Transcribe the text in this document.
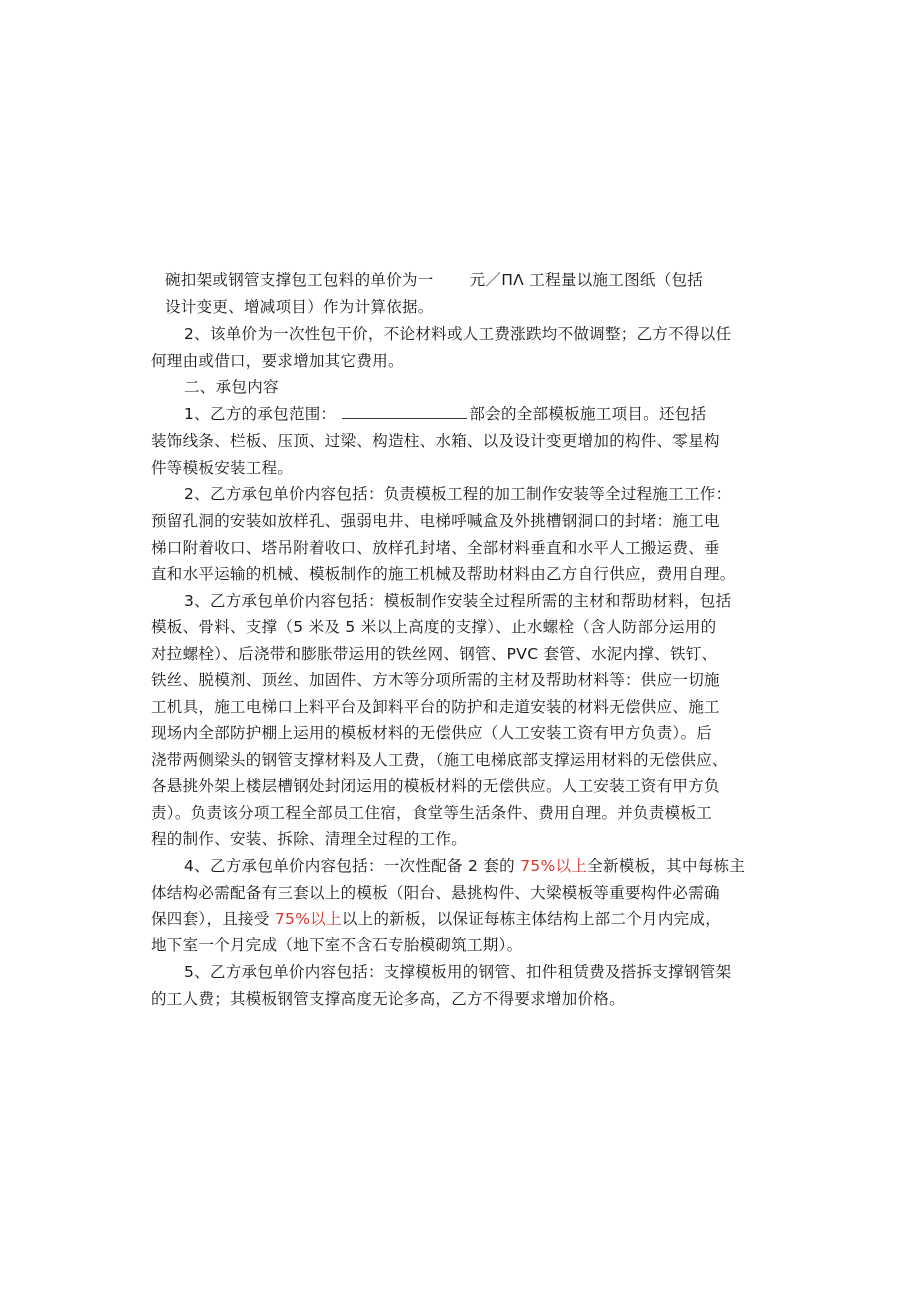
碗扣架或钢管支撑包工包料的单价为一 元／ΠΛ 工程量以施工图纸（包括
设计变更、增减项目）作为计算依据。
2、该单价为一次性包干价，不论材料或人工费涨跌均不做调整；乙方不得以任
何理由或借口，要求增加其它费用。
二、承包内容
1、乙方的承包范围：	部会的全部模板施工项目。还包括
装饰线条、栏板、压顶、过梁、构造柱、水箱、以及设计变更增加的构件、零星构
件等模板安装工程。
2、乙方承包单价内容包括：负责模板工程的加工制作安装等全过程施工工作：
预留孔洞的安装如放样孔、强弱电井、电梯呼喊盒及外挑槽钢洞口的封堵：施工电
梯口附着收口、塔吊附着收口、放样孔封堵、全部材料垂直和水平人工搬运费、垂
直和水平运输的机械、模板制作的施工机械及帮助材料由乙方自行供应，费用自理。
3、乙方承包单价内容包括：模板制作安装全过程所需的主材和帮助材料，包括
模板、骨料、支撑（5 米及 5 米以上高度的支撑）、止水螺栓（含人防部分运用的
对拉螺栓）、后浇带和膨胀带运用的铁丝网、钢管、PVC 套管、水泥内撑、铁钉、
铁丝、脱模剂、顶丝、加固件、方木等分项所需的主材及帮助材料等：供应一切施
工机具，施工电梯口上料平台及卸料平台的防护和走道安装的材料无偿供应、施工
现场内全部防护棚上运用的模板材料的无偿供应（人工安装工资有甲方负责）。后
浇带两侧梁头的钢管支撑材料及人工费，（施工电梯底部支撑运用材料的无偿供应、
各悬挑外架上楼层槽钢处封闭运用的模板材料的无偿供应。人工安装工资有甲方负
责）。负责该分项工程全部员工住宿，食堂等生活条件、费用自理。并负责模板工
程的制作、安装、拆除、清理全过程的工作。
4、乙方承包单价内容包括：一次性配备 2 套的 75%以上全新模板，其中每栋主
体结构必需配备有三套以上的模板（阳台、悬挑构件、大梁模板等重要构件必需确
保四套），且接受 75%以上以上的新板，以保证每栋主体结构上部二个月内完成，
地下室一个月完成（地下室不含石专胎模砌筑工期）。
5、乙方承包单价内容包括：支撑模板用的钢管、扣件租赁费及搭拆支撑钢管架
的工人费；其模板钢管支撑高度无论多高，乙方不得要求增加价格。
